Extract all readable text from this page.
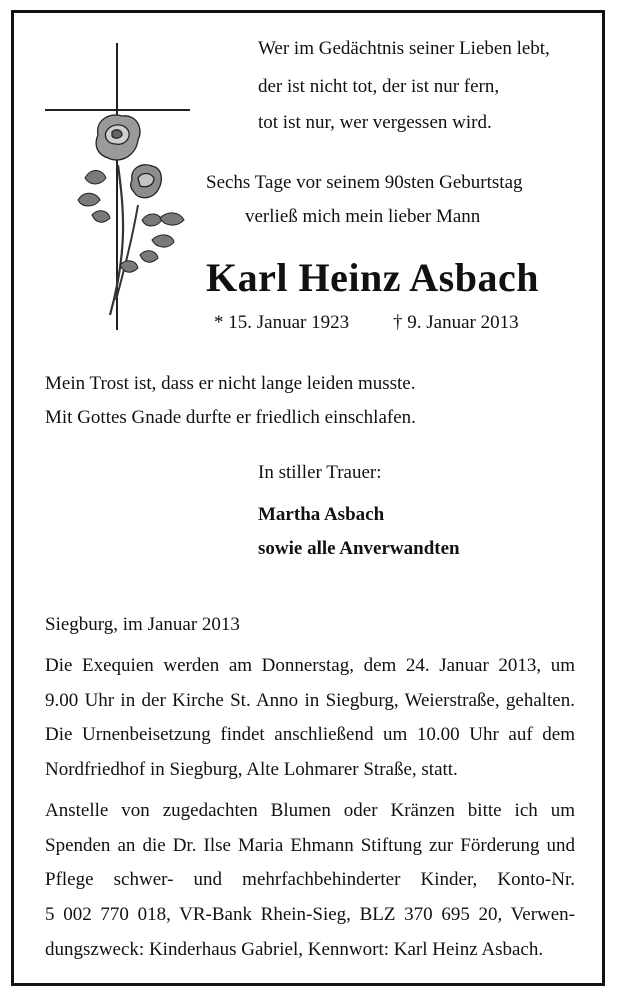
Wer im Gedächtnis seiner Lieben lebt,
der ist nicht tot, der ist nur fern,
tot ist nur, wer vergessen wird.
Sechs Tage vor seinem 90sten Geburtstag
verließ mich mein lieber Mann
Karl Heinz Asbach
* 15. Januar 1923 † 9. Januar 2013
Mein Trost ist, dass er nicht lange leiden musste.
Mit Gottes Gnade durfte er friedlich einschlafen.
In stiller Trauer:
Martha Asbach
sowie alle Anverwandten
Siegburg, im Januar 2013
Die Exequien werden am Donnerstag, dem 24. Januar 2013, um
9.00 Uhr in der Kirche St. Anno in Siegburg, Weierstraße, gehalten.
Die Urnenbeisetzung findet anschließend um 10.00 Uhr auf dem
Nordfriedhof in Siegburg, Alte Lohmarer Straße, statt.
Anstelle von zugedachten Blumen oder Kränzen bitte ich um
Spenden an die Dr. Ilse Maria Ehmann Stiftung zur Förderung und
Pflege schwer- und mehrfachbehinderter Kinder, Konto-Nr.
5 002 770 018, VR-Bank Rhein-Sieg, BLZ 370 695 20, Verwen-
dungszweck: Kinderhaus Gabriel, Kennwort: Karl Heinz Asbach.
